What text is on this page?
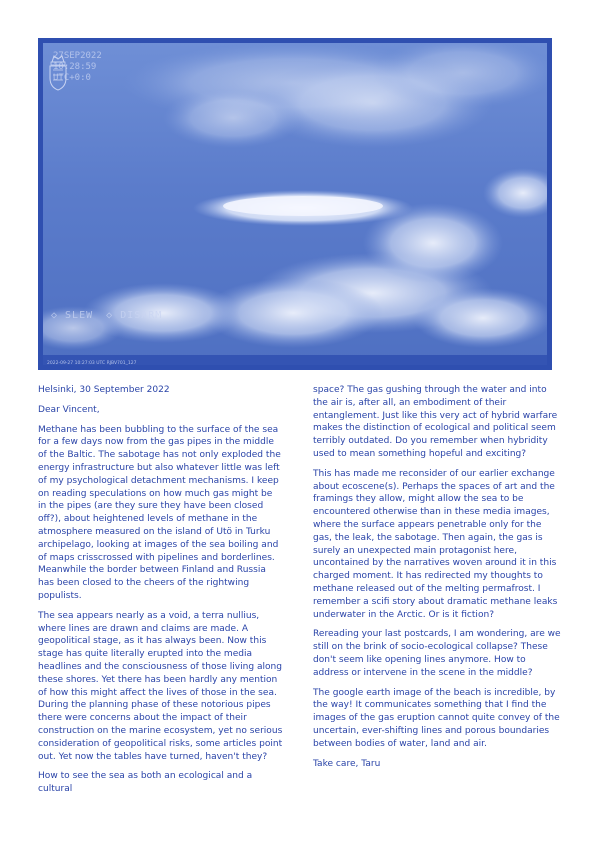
27SEP2022
10:28:59
UTC+0:0
◇ SLEW ◇ DISARM
2022-09-27 10:27:03 UTC RJBV701_127

Helsinki, 30 September 2022

Dear Vincent,

Methane has been bubbling to the surface of the sea for a few days now from the gas pipes in the middle of the Baltic. The sabotage has not only exploded the energy infrastructure but also whatever little was left of my psychological detachment mechanisms. I keep on reading speculations on how much gas might be in the pipes (are they sure they have been closed off?), about heightened levels of methane in the atmosphere measured on the island of Utö in Turku archipelago, looking at images of the sea boiling and of maps crisscrossed with pipelines and borderlines. Meanwhile the border between Finland and Russia has been closed to the cheers of the rightwing populists.

The sea appears nearly as a void, a terra nullius, where lines are drawn and claims are made. A geopolitical stage, as it has always been. Now this stage has quite literally erupted into the media headlines and the consciousness of those living along these shores. Yet there has been hardly any mention of how this might affect the lives of those in the sea. During the planning phase of these notorious pipes there were concerns about the impact of their construction on the marine ecosystem, yet no serious consideration of geopolitical risks, some articles point out. Yet now the tables have turned, haven't they?

How to see the sea as both an ecological and a cultural

space? The gas gushing through the water and into the air is, after all, an embodiment of their entanglement. Just like this very act of hybrid warfare makes the distinction of ecological and political seem terribly outdated. Do you remember when hybridity used to mean something hopeful and exciting?

This has made me reconsider of our earlier exchange about ecoscene(s). Perhaps the spaces of art and the framings they allow, might allow the sea to be encountered otherwise than in these media images, where the surface appears penetrable only for the gas, the leak, the sabotage. Then again, the gas is surely an unexpected main protagonist here, uncontained by the narratives woven around it in this charged moment. It has redirected my thoughts to methane released out of the melting permafrost. I remember a scifi story about dramatic methane leaks underwater in the Arctic. Or is it fiction?

Rereading your last postcards, I am wondering, are we still on the brink of socio-ecological collapse? These don't seem like opening lines anymore. How to address or intervene in the scene in the middle?

The google earth image of the beach is incredible, by the way! It communicates something that I find the images of the gas eruption cannot quite convey of the uncertain, ever-shifting lines and porous boundaries between bodies of water, land and air.

Take care, Taru
